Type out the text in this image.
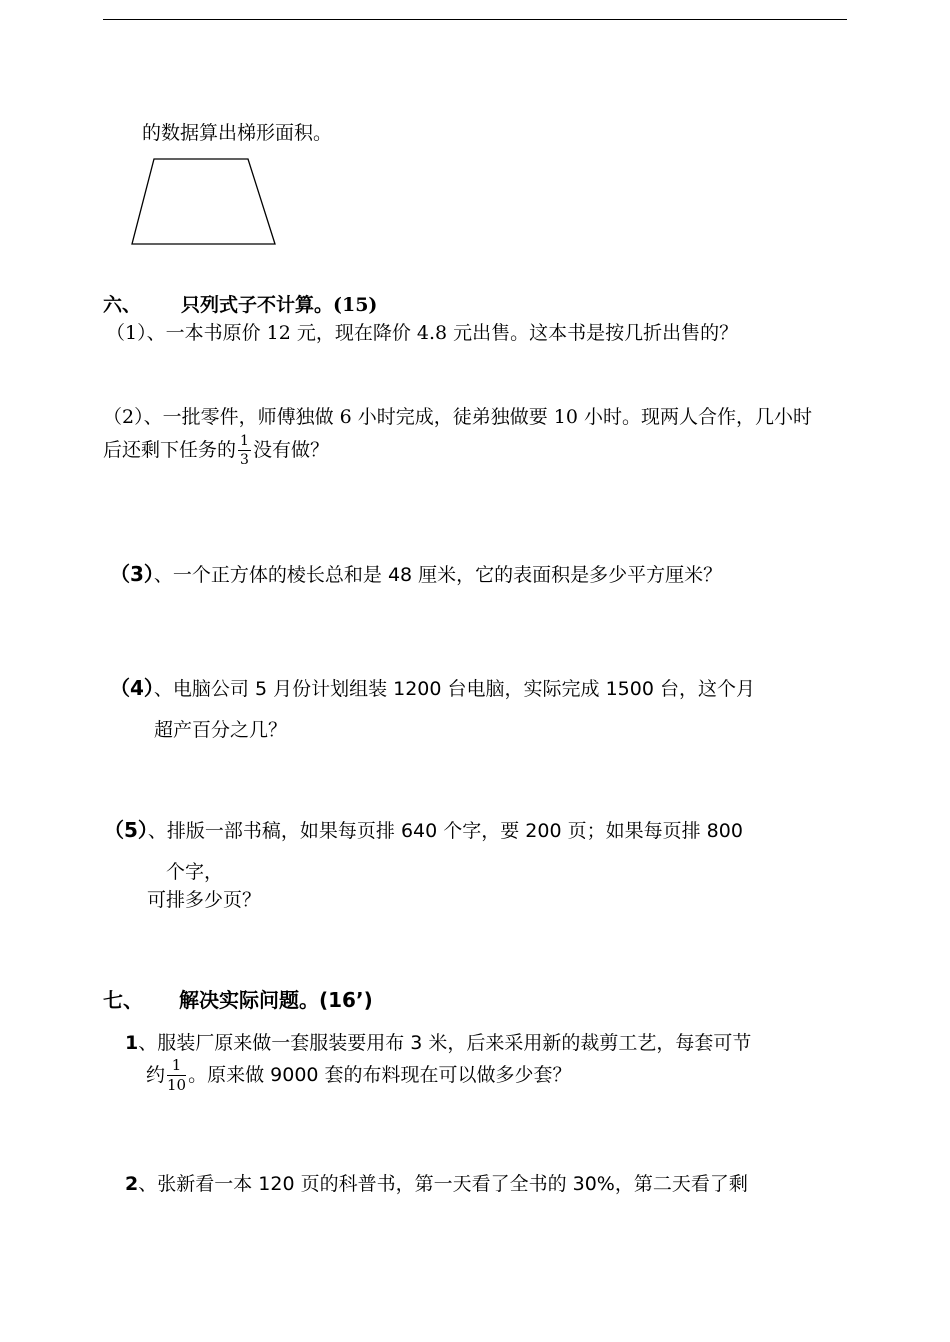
的数据算出梯形面积。
六、 只列式子不计算。(15)
（1）、一本书原价 12 元，现在降价 4.8 元出售。这本书是按几折出售的？
（2）、一批零件，师傅独做 6 小时完成，徒弟独做要 10 小时。现两人合作，几小时
后还剩下任务的 $\frac{1}{3}$ 没有做？
（3）、一个正方体的棱长总和是 48 厘米，它的表面积是多少平方厘米？
（4）、电脑公司 5 月份计划组装 1200 台电脑，实际完成 1500 台，这个月
超产百分之几？
（5）、排版一部书稿，如果每页排 640 个字，要 200 页；如果每页排 800
个字，
可排多少页？
七、 解决实际问题。(16’)
1、服装厂原来做一套服装要用布 3 米，后来采用新的裁剪工艺，每套可节
约 $\frac{1}{10}$ 。原来做 9000 套的布料现在可以做多少套？
2、张新看一本 120 页的科普书，第一天看了全书的 30%，第二天看了剩
